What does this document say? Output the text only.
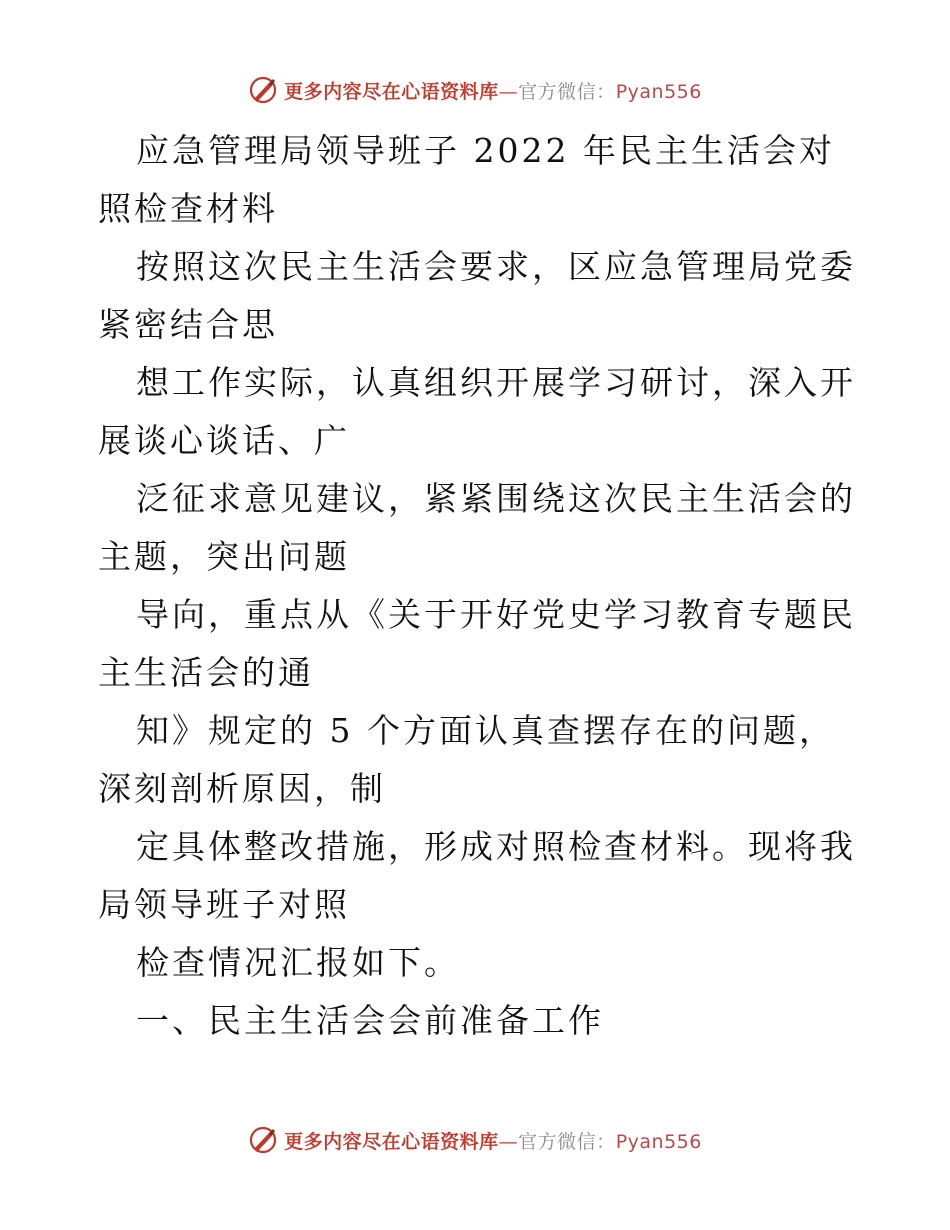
更多内容尽在心语资料库—官方微信：Pyan556

应急管理局领导班子 2022 年民主生活会对照检查材料

按照这次民主生活会要求，区应急管理局党委紧密结合思

想工作实际，认真组织开展学习研讨，深入开展谈心谈话、广

泛征求意见建议，紧紧围绕这次民主生活会的主题，突出问题

导向，重点从《关于开好党史学习教育专题民主生活会的通

知》规定的 5 个方面认真查摆存在的问题，深刻剖析原因，制

定具体整改措施，形成对照检查材料。现将我局领导班子对照

检查情况汇报如下。

一、民主生活会会前准备工作

更多内容尽在心语资料库—官方微信：Pyan556
